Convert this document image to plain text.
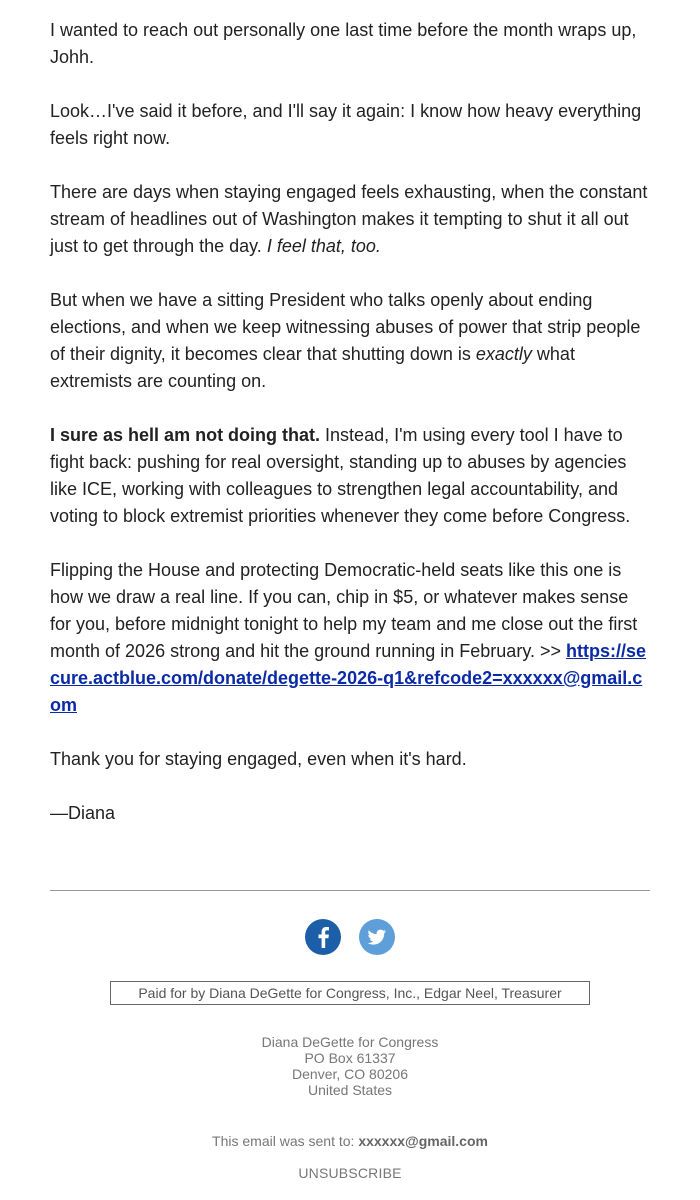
I wanted to reach out personally one last time before the month wraps up, Johh.

Look…I've said it before, and I'll say it again: I know how heavy everything feels right now.

There are days when staying engaged feels exhausting, when the constant stream of headlines out of Washington makes it tempting to shut it all out just to get through the day. I feel that, too.

But when we have a sitting President who talks openly about ending elections, and when we keep witnessing abuses of power that strip people of their dignity, it becomes clear that shutting down is exactly what extremists are counting on.

I sure as hell am not doing that. Instead, I'm using every tool I have to fight back: pushing for real oversight, standing up to abuses by agencies like ICE, working with colleagues to strengthen legal accountability, and voting to block extremist priorities whenever they come before Congress.

Flipping the House and protecting Democratic-held seats like this one is how we draw a real line. If you can, chip in $5, or whatever makes sense for you, before midnight tonight to help my team and me close out the first month of 2026 strong and hit the ground running in February. >> https://secure.actblue.com/donate/degette-2026-q1&refcode2=xxxxxx@gmail.com

Thank you for staying engaged, even when it's hard.

—Diana

Paid for by Diana DeGette for Congress, Inc., Edgar Neel, Treasurer
Diana DeGette for Congress
PO Box 61337
Denver, CO 80206
United States
This email was sent to: xxxxxx@gmail.com
UNSUBSCRIBE
